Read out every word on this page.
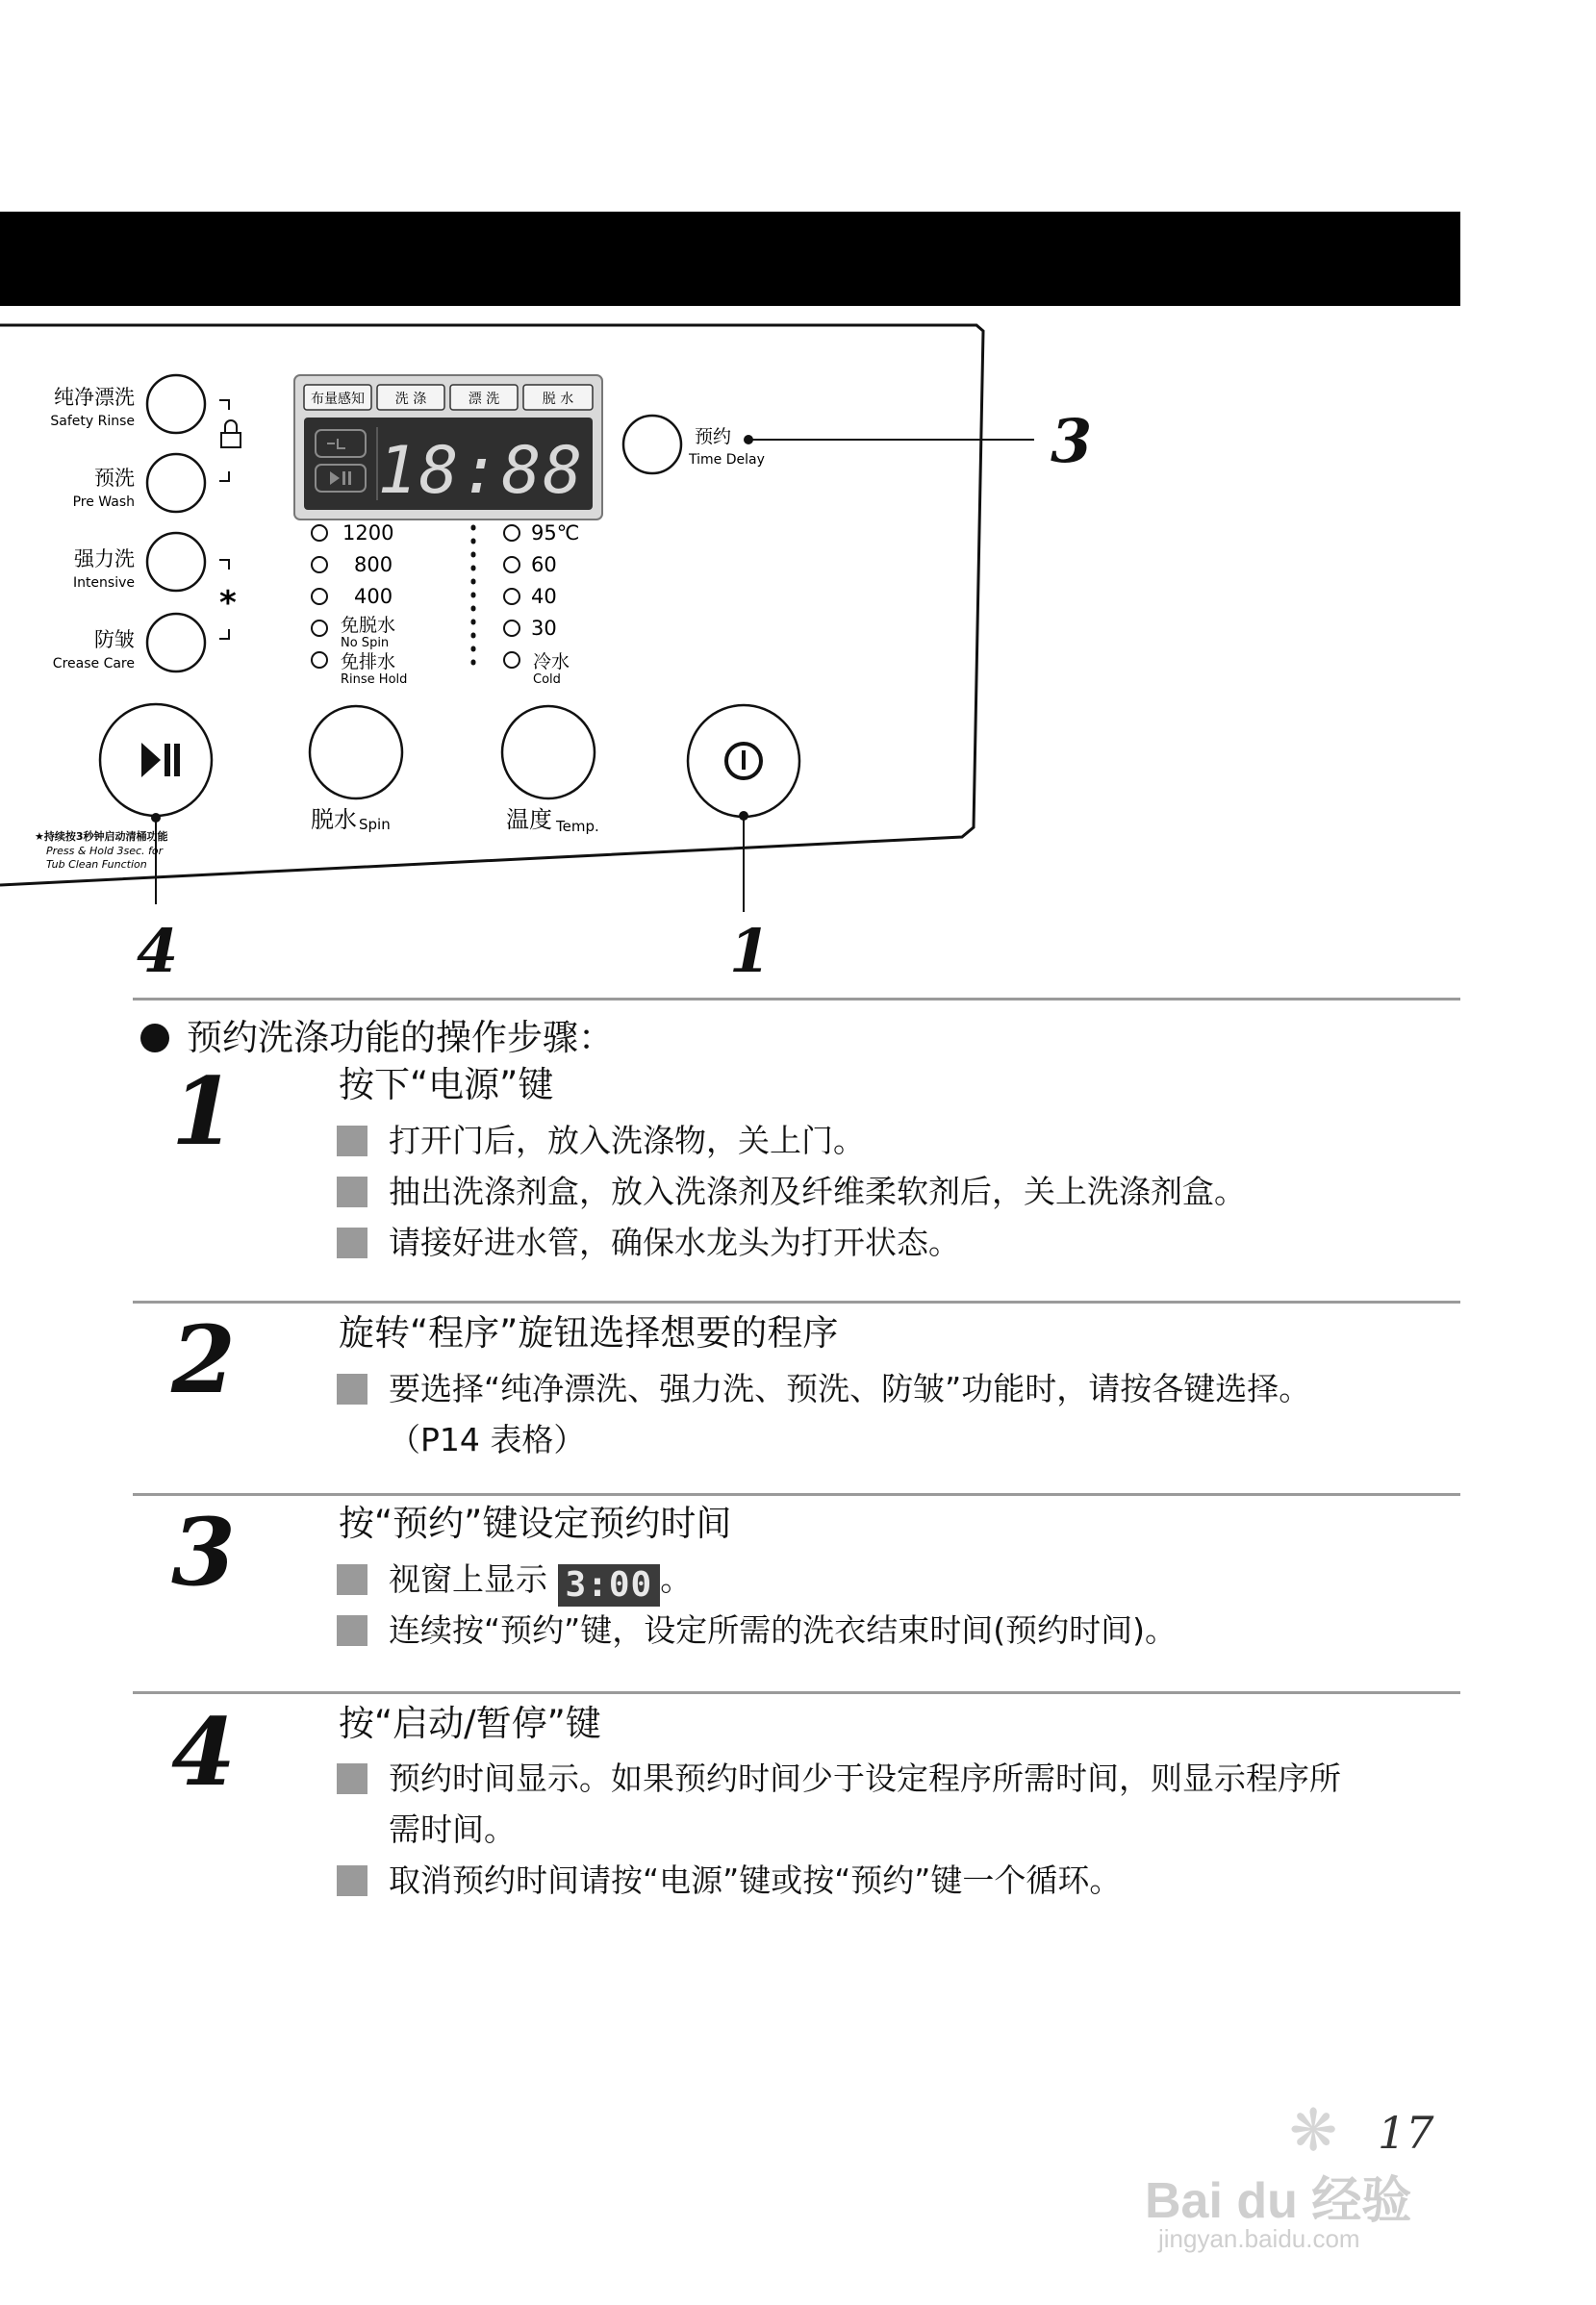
纯净漂洗
Safety Rinse
预洗
Pre Wash
强力洗
Intensive
防皱
Crease Care
*
布量感知 洗 涤	漂 洗	脱 水
18:88
1200
800
400
免脱水
No Spin
免排水
Rinse Hold
95℃
60
40
30
冷水
Cold
预约
Time Delay
★持续按3秒钟启动清桶功能
Press & Hold 3sec. for
Tub Clean Function
脱水 Spin	温度 Temp.
3
4	1
预约洗涤功能的操作步骤：
1	按下“电源”键
打开门后，放入洗涤物，关上门。
抽出洗涤剂盒，放入洗涤剂及纤维柔软剂后，关上洗涤剂盒。
请接好进水管，确保水龙头为打开状态。
2	旋转“程序”旋钮选择想要的程序
要选择“纯净漂洗、强力洗、预洗、防皱”功能时，请按各键选择。
（P14 表格）
3	按“预约”键设定预约时间
视窗上显示 3:00 。
连续按“预约”键，设定所需的洗衣结束时间(预约时间)。
4	按“启动/暂停”键
预约时间显示。如果预约时间少于设定程序所需时间，则显示程序所
需时间。
取消预约时间请按“电源”键或按“预约”键一个循环。
17
❋
Bai du 经验
jingyan.baidu.com
